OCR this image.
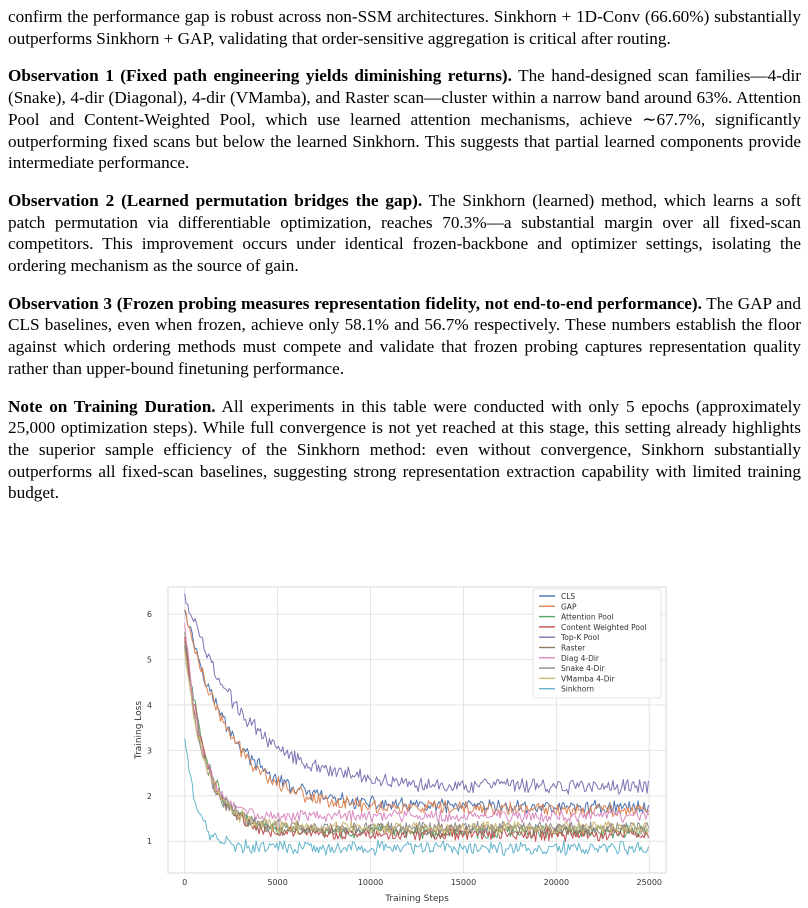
confirm the performance gap is robust across non-SSM architectures. Sinkhorn + 1D-Conv (66.60%) substantially outperforms Sinkhorn + GAP, validating that order-sensitive aggregation is critical after routing.

Observation 1 (Fixed path engineering yields diminishing returns). The hand-designed scan families—4-dir (Snake), 4-dir (Diagonal), 4-dir (VMamba), and Raster scan—cluster within a narrow band around 63%. Attention Pool and Content-Weighted Pool, which use learned attention mechanisms, achieve ∼67.7%, significantly outperforming fixed scans but below the learned Sinkhorn. This suggests that partial learned components provide intermediate performance.

Observation 2 (Learned permutation bridges the gap). The Sinkhorn (learned) method, which learns a soft patch permutation via differentiable optimization, reaches 70.3%—a substantial margin over all fixed-scan competitors. This improvement occurs under identical frozen-backbone and optimizer settings, isolating the ordering mechanism as the source of gain.

Observation 3 (Frozen probing measures representation fidelity, not end-to-end performance). The GAP and CLS baselines, even when frozen, achieve only 58.1% and 56.7% respectively. These numbers establish the floor against which ordering methods must compete and validate that frozen probing captures representation quality rather than upper-bound finetuning performance.

Note on Training Duration. All experiments in this table were conducted with only 5 epochs (approximately 25,000 optimization steps). While full convergence is not yet reached at this stage, this setting already highlights the superior sample efficiency of the Sinkhorn method: even without convergence, Sinkhorn substantially outperforms all fixed-scan baselines, suggesting strong representation extraction capability with limited training budget.

0	5000	10000	15000	20000	25000
1
2
3
4
5
6
CLS
GAP
Attention Pool
Content Weighted Pool
Top-K Pool
Raster
Diag 4-Dir
Snake 4-Dir
VMamba 4-Dir
Sinkhorn
Training Steps
Training Loss
